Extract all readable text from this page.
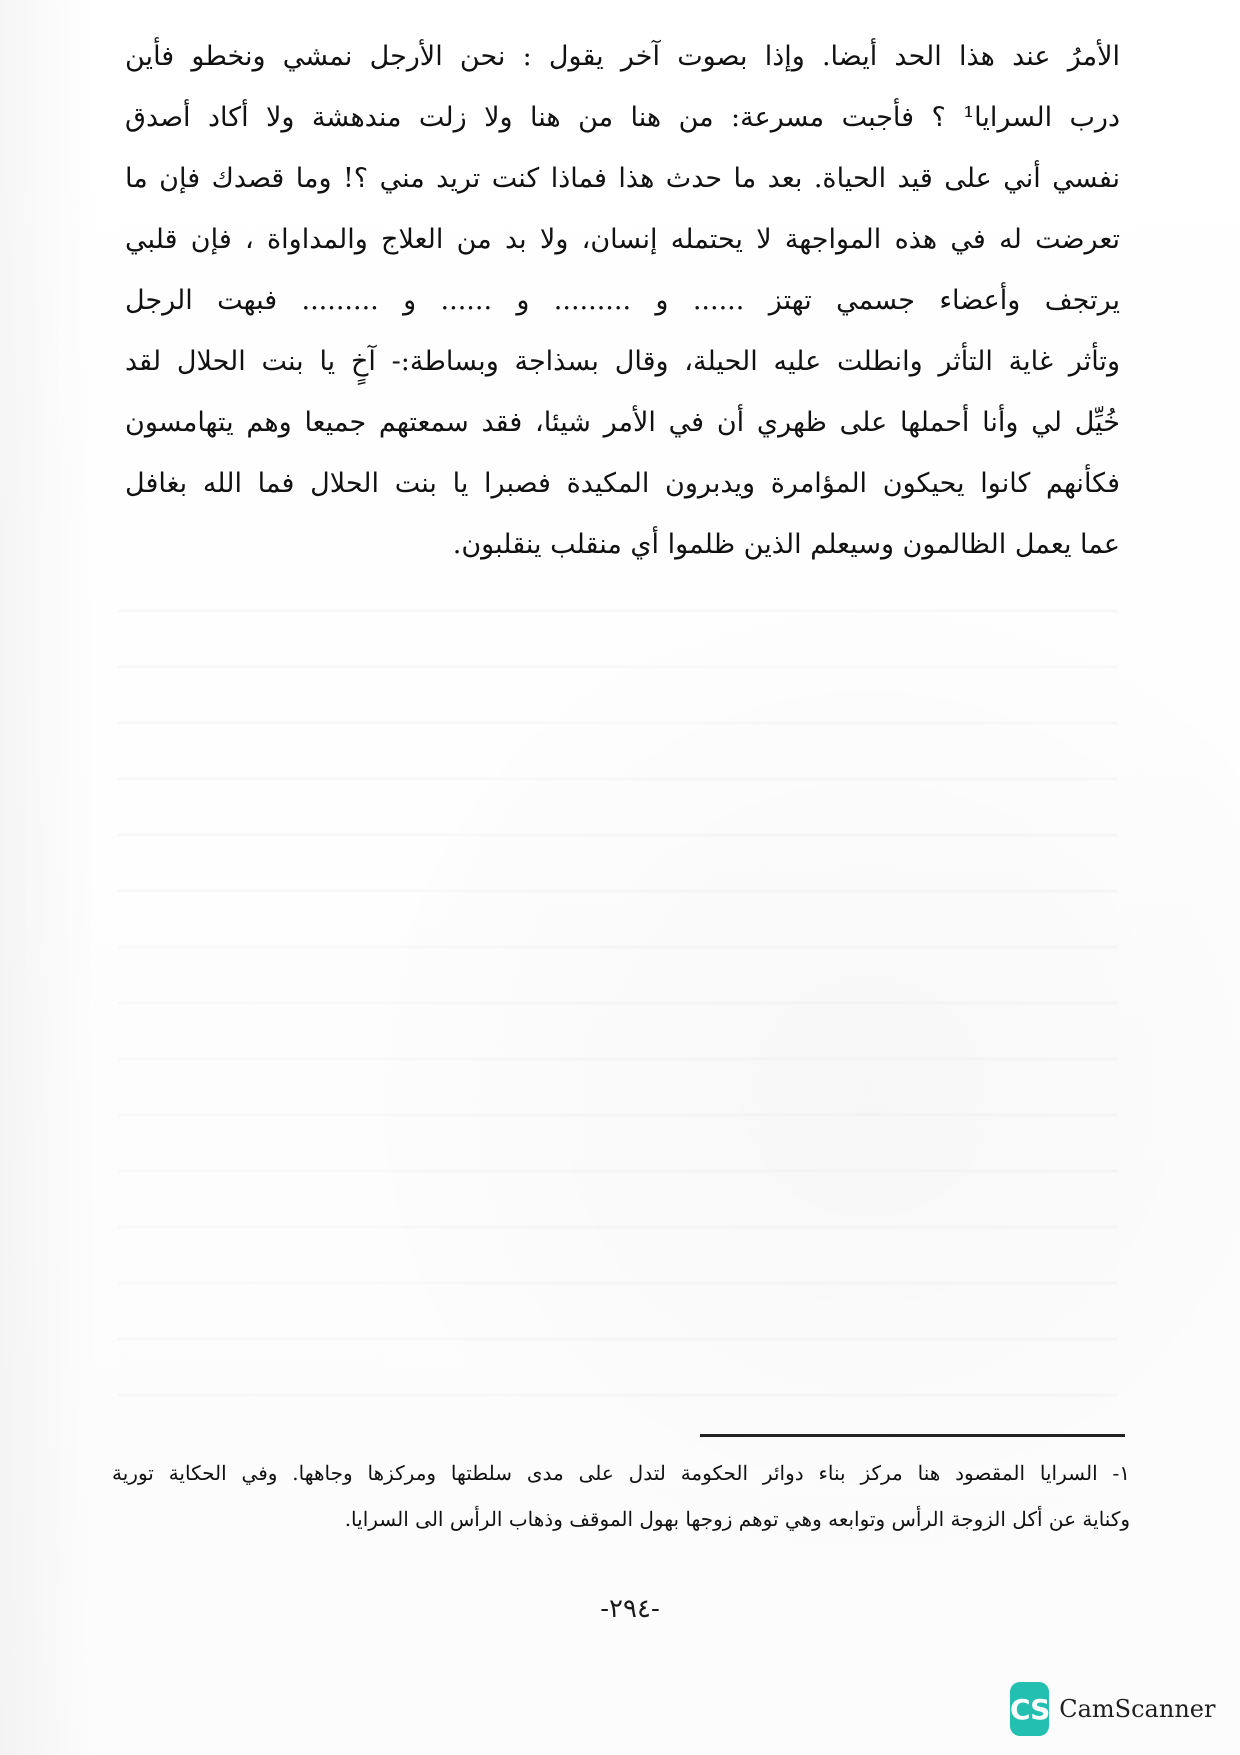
الأمرُ عند هذا الحد أيضا. وإذا بصوت آخر يقول : نحن الأرجل نمشي ونخطو فأين
درب السرايا¹ ؟ فأجبت مسرعة: من هنا من هنا ولا زلت مندهشة ولا أكاد أصدق
نفسي أني على قيد الحياة. بعد ما حدث هذا فماذا كنت تريد مني ؟! وما قصدك فإن ما
تعرضت له في هذه المواجهة لا يحتمله إنسان، ولا بد من العلاج والمداواة ، فإن قلبي
يرتجف وأعضاء جسمي تهتز ...... و ......... و ...... و ......... فبهت الرجل
وتأثر غاية التأثر وانطلت عليه الحيلة، وقال بسذاجة وبساطة:- آخٍ يا بنت الحلال لقد
خُيِّل لي وأنا أحملها على ظهري أن في الأمر شيئا، فقد سمعتهم جميعا وهم يتهامسون
فكأنهم كانوا يحيكون المؤامرة ويدبرون المكيدة فصبرا يا بنت الحلال فما الله بغافل
عما يعمل الظالمون وسيعلم الذين ظلموا أي منقلب ينقلبون.
١- السرايا المقصود هنا مركز بناء دوائر الحكومة لتدل على مدى سلطتها ومركزها وجاهها. وفي الحكاية تورية
وكناية عن أكل الزوجة الرأس وتوابعه وهي توهم زوجها بهول الموقف وذهاب الرأس الى السرايا.
-٢٩٤-
CS CamScanner
